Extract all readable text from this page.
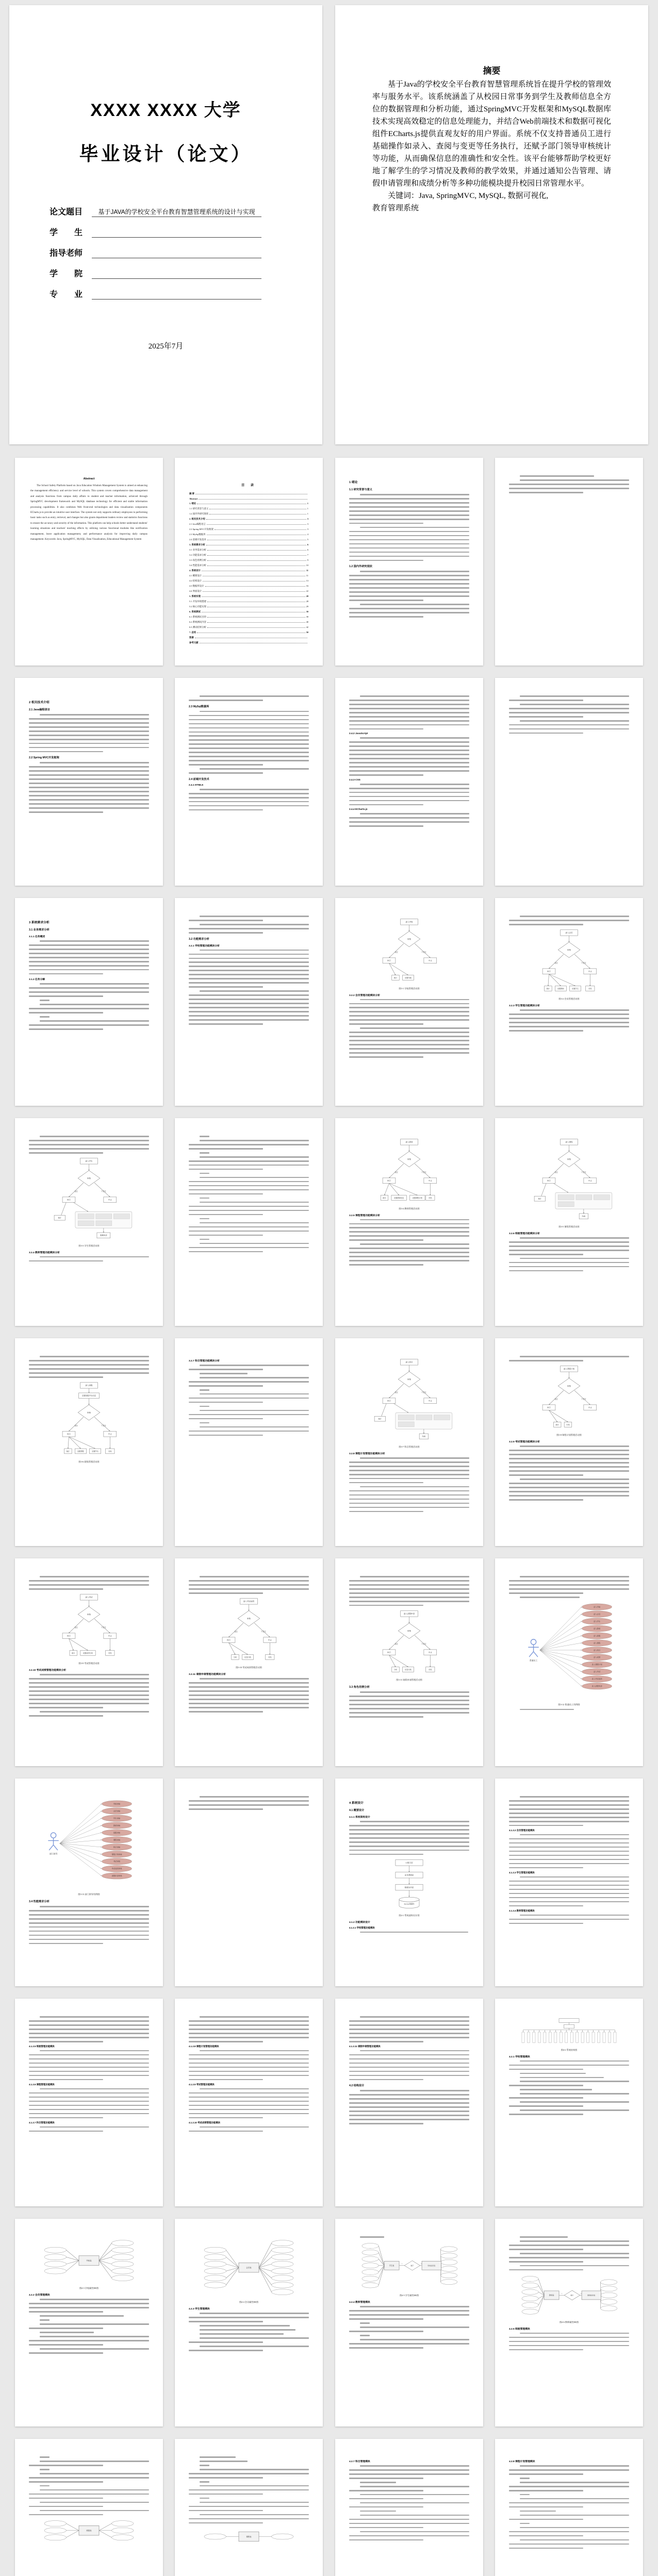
XXXX XXXX 大学
毕业设计（论文）
论文题目	基于JAVA的学校安全平台教育智慧管理系统的设计与实现
学　　生
指导老师
学　　院
专　　业
2025年7月
摘要
基于Java的学校安全平台教育智慧管理系统旨在提升学校的管理效率与服务水平。该系统涵盖了从校园日常事务到学生及教师信息全方位的数据管理和分析功能，通过SpringMVC开发框架和MySQL数据库技术实现高效稳定的信息处理能力，并结合Web前端技术和数据可视化组件ECharts.js提供直观友好的用户界面。系统不仅支持普通员工进行基础操作如录入、查阅与变更等任务执行，还赋予部门领导审核统计等功能，从而确保信息的准确性和安全性。该平台能够帮助学校更好地了解学生的学习情况及教师的教学效果，并通过通知公告管理、请假申请管理和成绩分析等多种功能模块提升校园日常管理水平。
关键词：Java, SpringMVC, MySQL, 数据可视化,
教育管理系统
Abstract
The School Safety Platform based on Java Education Wisdom Management System is aimed at enhancing the management efficiency and service level of schools. This system covers comprehensive data management and analysis functions from campus daily affairs to student and teacher information, achieved through SpringMVC development framework and MySQL database technology for efficient and stable information processing capabilities. It also combines Web front-end technologies and data visualization components ECharts.js to provide an intuitive user interface. The system not only supports ordinary employees in performing basic tasks such as entry, retrieval, and changes but also grants department leaders review and statistics functions to ensure the accuracy and security of the information. This platform can help schools better understand students' learning situations and teachers' teaching effects by utilizing various functional modules like notification management, leave application management, and performance analysis for improving daily campus management. Keywords: Java, SpringMVC, MySQL, Data Visualization, Educational Management System
目 录
摘 要
Abstract
1. 绪论	1
1.1 研究背景与意义	1
1.2 国内外研究现状	1
2. 相关技术介绍	3
2.1 Java编程语言	3
2.2 Spring MVC开发框架	3
2.3 MySql数据库	4
2.4 前端开发技术	5
3. 系统需求分析	6
3.1 业务需求分析	6
3.2 功能需求分析	7
3.3 角色用例分析	9
3.4 性能需求分析	10
4. 系统设计	11
4.1 概要设计	11
4.2 结构设计	13
4.3 数据库设计	16
4.4 界面设计	22
5. 系统实现	28
5.1 开发环境搭建	28
5.2 核心功能实现	29
6. 系统测试	39
6.1 系统测试目的	39
6.2 系统测试内容	40
6.3 测试结果分析	42
7. 总结	50
致谢
参考文献
1 绪论
1.1 研究背景与意义
1.2 国内外研究现状
2 相关技术介绍
2.1 Java编程语言
2.2 Spring MVC开发框架
2.3 MySql数据库
2.4 前端开发技术
2.4.1 HTML5
2.4.2 JavaScript
2.4.3 CSS
2.4.4 ECharts.js
3 系统需求分析
3.1 业务需求分析
3.1.1 任务概述
3.1.2 任务分解
3.2 功能需求分析
3.2.1 学校管理功能模块分析
进入学校
审核
通过	不通过
执行	中止
统计	设置年级
图3-1 学校管理活动图
3.2.2 会员管理功能模块分析
进入会员
审核
通过	不通过
执行	中止
统计	设置教师	设置学生	归档
图3-2 会员管理活动图
3.2.3 学生管理功能模块分析
进入学生
审核
通过	不通过
执行	中止
统计
假期申请
图3-3 学生管理活动图
3.2.4 教师管理功能模块分析
进入教师
审核
通过	不通过
执行	中止
统计	设置教师信息	设置课程计划	归档
图3-4 教师管理活动图
3.2.5 课程管理功能模块分析
进入课程
审核
通过	不通过
执行	中止
统计
结束
图3-5 课程管理活动图
3.2.6 班级管理功能模块分析
进入班级
设置班级学生信息
审核
通过	不通过
执行	中止
统计	设置课程	设置学生	归档
图3-6 班级管理活动图
3.2.7 科目管理功能模块分析	进入科目
审核
通过	不通过
执行	中止
统计
结束
图3-7 科目管理活动图
3.2.8 课程计划管理功能模块分析
进入课程计划
审核
通过	不通过
执行	中止
统计	归档
图3-8 课程计划管理活动图
3.2.9 考试管理功能模块分析
进入考试
审核
通过	不通过
执行	中止
统计	设置成绩分析	归档
图3-9 考试管理活动图
3.2.10 考试成绩管理功能模块分析
进入考试成绩
审核
通过	不通过
执行	中止
分析	信息归档	归档
图3-10 考试成绩管理活动图
3.2.11 请假申请管理功能模块分析
进入请假申请
审核
通过	不通过
执行	中止
分析	信息归档	归档
图3-11 请假申请管理活动图
3.3 角色用例分析
普通员工
录入学校
录入会员
录入学生
录入教师
录入班级
录入课程
录入科目
录入成绩
录入课程计划
录入考试
录入考试成绩
录入请假申请
图3-12 普通员工用例图
部门领导
学校审核
会员审核
学生审核
教师审核
班级审核
课程审核
科目审核
课程计划审核
考试审核
考试成绩审核
请假申请审核
图3-13 部门领导用例图
3.4 性能需求分析
4 系统设计
4.1 概要设计
4.1.1 系统架构设计
UI展示层
业务逻辑层
数据访问层
MySQL数据库
图4-1 系统架构设计图
4.1.2 功能模块设计
4.1.2.1 学校管理功能模块
4.1.2.2 会员管理功能模块
4.1.2.3 学生管理功能模块
4.1.2.4 教师管理功能模块
4.1.2.5 班级管理功能模块
4.1.2.6 课程管理功能模块
4.1.2.7 科目管理功能模块
4.1.2.8 课程计划管理功能模块
4.1.2.9 考试管理功能模块
4.1.2.10 考试成绩管理功能模块
4.1.2.11 请假申请管理功能模块
4.2 结构设计
图4-2 系统结构图
4.2.1 学校管理模块
学校表
图4-3 学校属性ER图
4.2.2 会员管理模块
会员表
图4-4 会员属性ER图
4.2.3 学生管理模块
学生表	属于
1	n
学校信息表
图4-5 学生属性ER图
4.2.4 教师管理模块
教师表	属于
1	n
教师信息表
图4-6 教师属性ER图
4.2.5 班级管理模块
班级表
课程表
4.2.7 科目管理模块	4.2.8 课程计划管理模块
